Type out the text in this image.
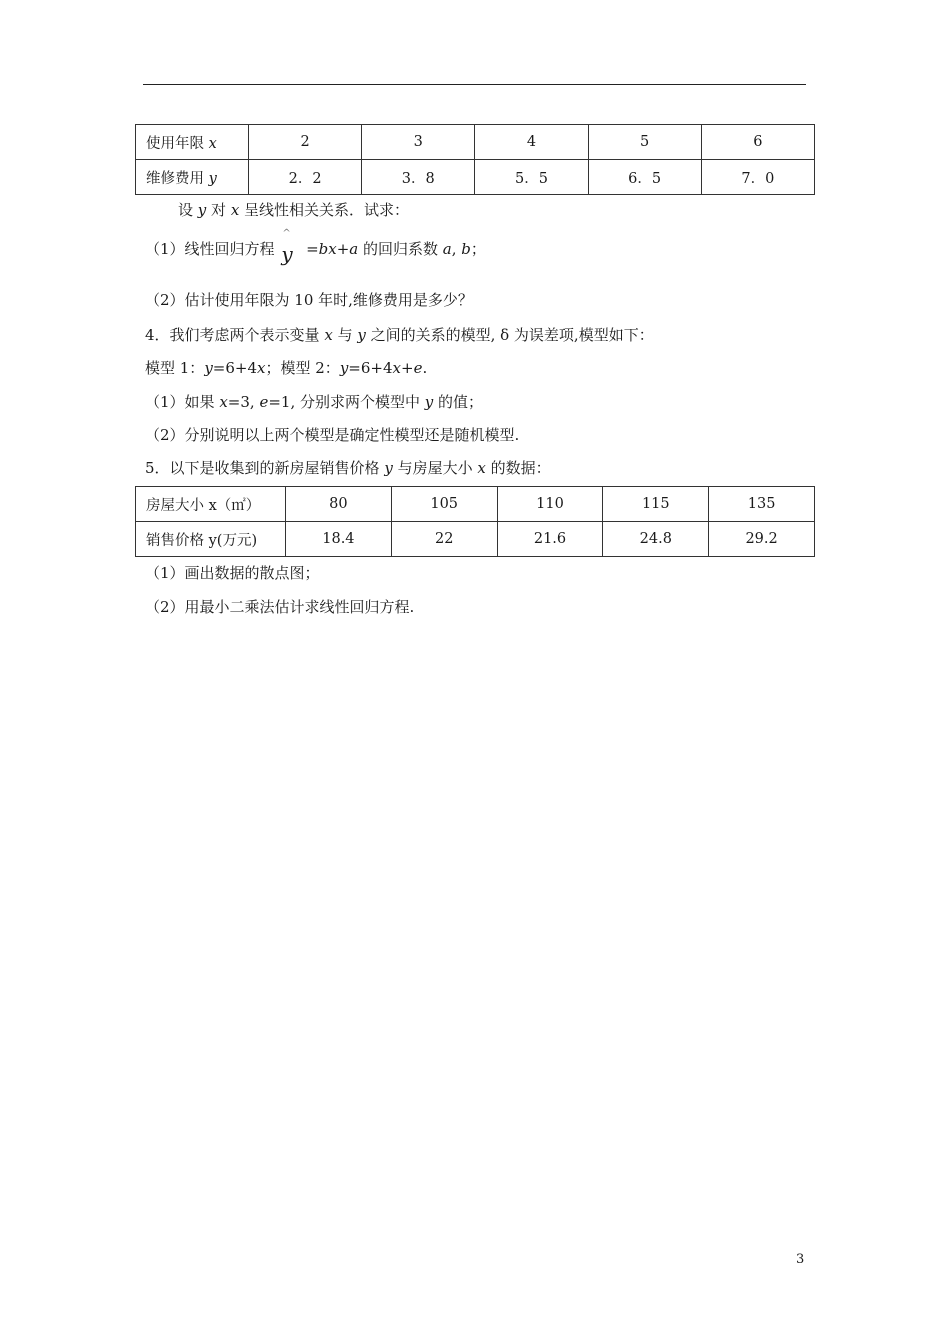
使用年限 x	2	3	4	5	6
维修费用 y	2．2	3．8	5．5	6．5	7．0
设 y 对 x 呈线性相关关系．试求：
（1）线性回归方程
^
y =bx+a 的回归系数 a, b；
（2）估计使用年限为 10 年时,维修费用是多少？
4．我们考虑两个表示变量 x 与 y 之间的关系的模型, δ 为误差项,模型如下：
模型 1：y=6+4x；模型 2：y=6+4x+e.
（1）如果 x=3, e=1, 分别求两个模型中 y 的值；
（2）分别说明以上两个模型是确定性模型还是随机模型.
5．以下是收集到的新房屋销售价格 y 与房屋大小 x 的数据：
房屋大小 x（㎡）	80	105	110	115	135
销售价格 y(万元)	18.4	22	21.6	24.8	29.2
（1）画出数据的散点图；
（2）用最小二乘法估计求线性回归方程.
3
